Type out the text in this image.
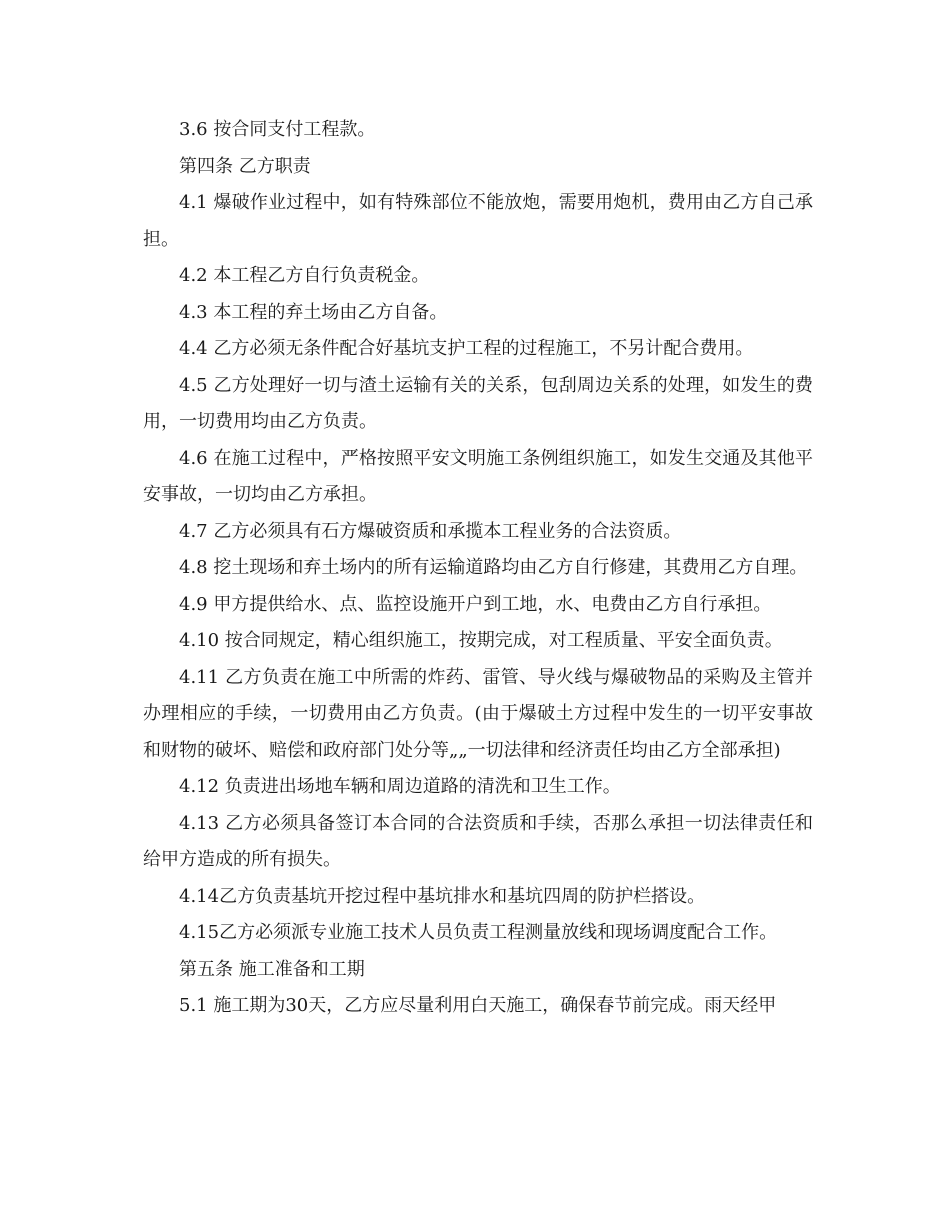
3.6 按合同支付工程款。

第四条 乙方职责

4.1 爆破作业过程中，如有特殊部位不能放炮，需要用炮机，费用由乙方自己承担。

4.2 本工程乙方自行负责税金。

4.3 本工程的弃土场由乙方自备。

4.4 乙方必须无条件配合好基坑支护工程的过程施工，不另计配合费用。

4.5 乙方处理好一切与渣土运输有关的关系，包刮周边关系的处理，如发生的费用，一切费用均由乙方负责。

4.6 在施工过程中，严格按照平安文明施工条例组织施工，如发生交通及其他平安事故，一切均由乙方承担。

4.7 乙方必须具有石方爆破资质和承揽本工程业务的合法资质。

4.8 挖土现场和弃土场内的所有运输道路均由乙方自行修建，其费用乙方自理。

4.9 甲方提供给水、点、监控设施开户到工地，水、电费由乙方自行承担。

4.10 按合同规定，精心组织施工，按期完成，对工程质量、平安全面负责。

4.11 乙方负责在施工中所需的炸药、雷管、导火线与爆破物品的采购及主管并办理相应的手续，一切费用由乙方负责。(由于爆破土方过程中发生的一切平安事故和财物的破坏、赔偿和政府部门处分等„„一切法律和经济责任均由乙方全部承担)

4.12 负责进出场地车辆和周边道路的清洗和卫生工作。

4.13 乙方必须具备签订本合同的合法资质和手续，否那么承担一切法律责任和给甲方造成的所有损失。

4.14乙方负责基坑开挖过程中基坑排水和基坑四周的防护栏搭设。

4.15乙方必须派专业施工技术人员负责工程测量放线和现场调度配合工作。

第五条 施工准备和工期

5.1 施工期为30天，乙方应尽量利用白天施工，确保春节前完成。雨天经甲
